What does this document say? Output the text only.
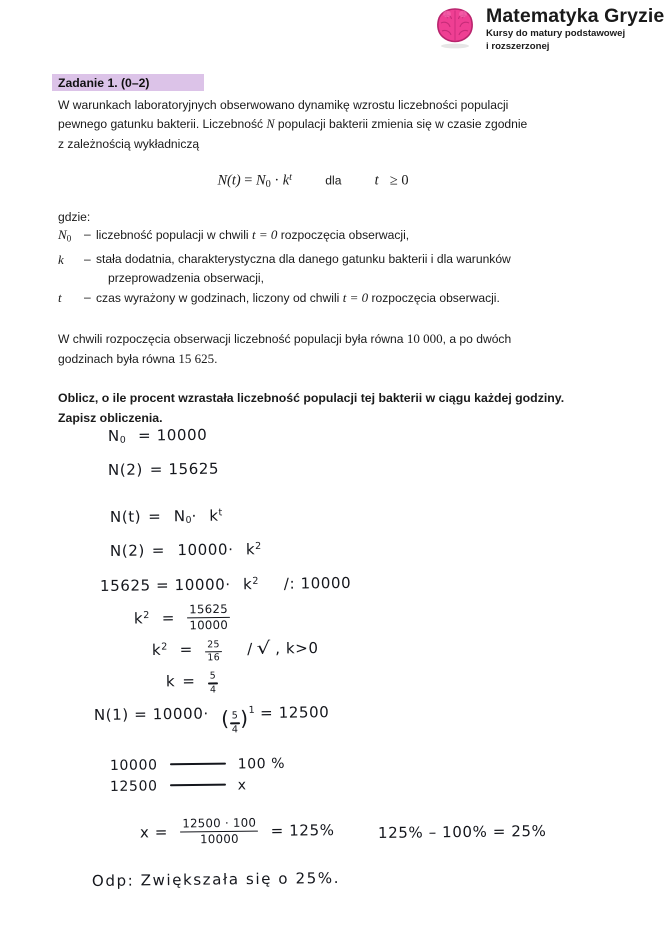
Matematyka Gryzie
Kursy do matury podstawowej
i rozszerzonej
Zadanie 1. (0–2)
W warunkach laboratoryjnych obserwowano dynamikę wzrostu liczebności populacji
pewnego gatunku bakterii. Liczebność N populacji bakterii zmienia się w czasie zgodnie
z zależnością wykładniczą
$N(t) = N_0 \cdot k^t$	dla t ≥ 0
gdzie:
$N_0$	– liczebność populacji w chwili t = 0 rozpoczęcia obserwacji,
k	– stała dodatnia, charakterystyczna dla danego gatunku bakterii i dla warunków
przeprowadzenia obserwacji,
t	– czas wyrażony w godzinach, liczony od chwili t = 0 rozpoczęcia obserwacji.
W chwili rozpoczęcia obserwacji liczebność populacji była równa 10 000, a po dwóch
godzinach była równa 15 625.
Oblicz, o ile procent wzrastała liczebność populacji tej bakterii w ciągu każdej godziny.
Zapisz obliczenia.
N0 = 10000
N(2) = 15625
$N(t) = N0\cdot k^t$
$N(2) = 10000\cdot k^2$
$15625 = 10000\cdot k^2$ /: 10000
$k^2 = \frac{15625}{10000}$
$k^2 = \frac{25}{16}$ / √ , k>0
$k = \frac{5}{4}$
N(1) = 10000· ( $\frac{5}{4} )^1 = 12500$
10000	100 %
12500	x
$x = \frac{12500 \cdot 100}{10000} = 125\%$	125% – 100% = 25%
Odp: Zwiększała się o 25%.
